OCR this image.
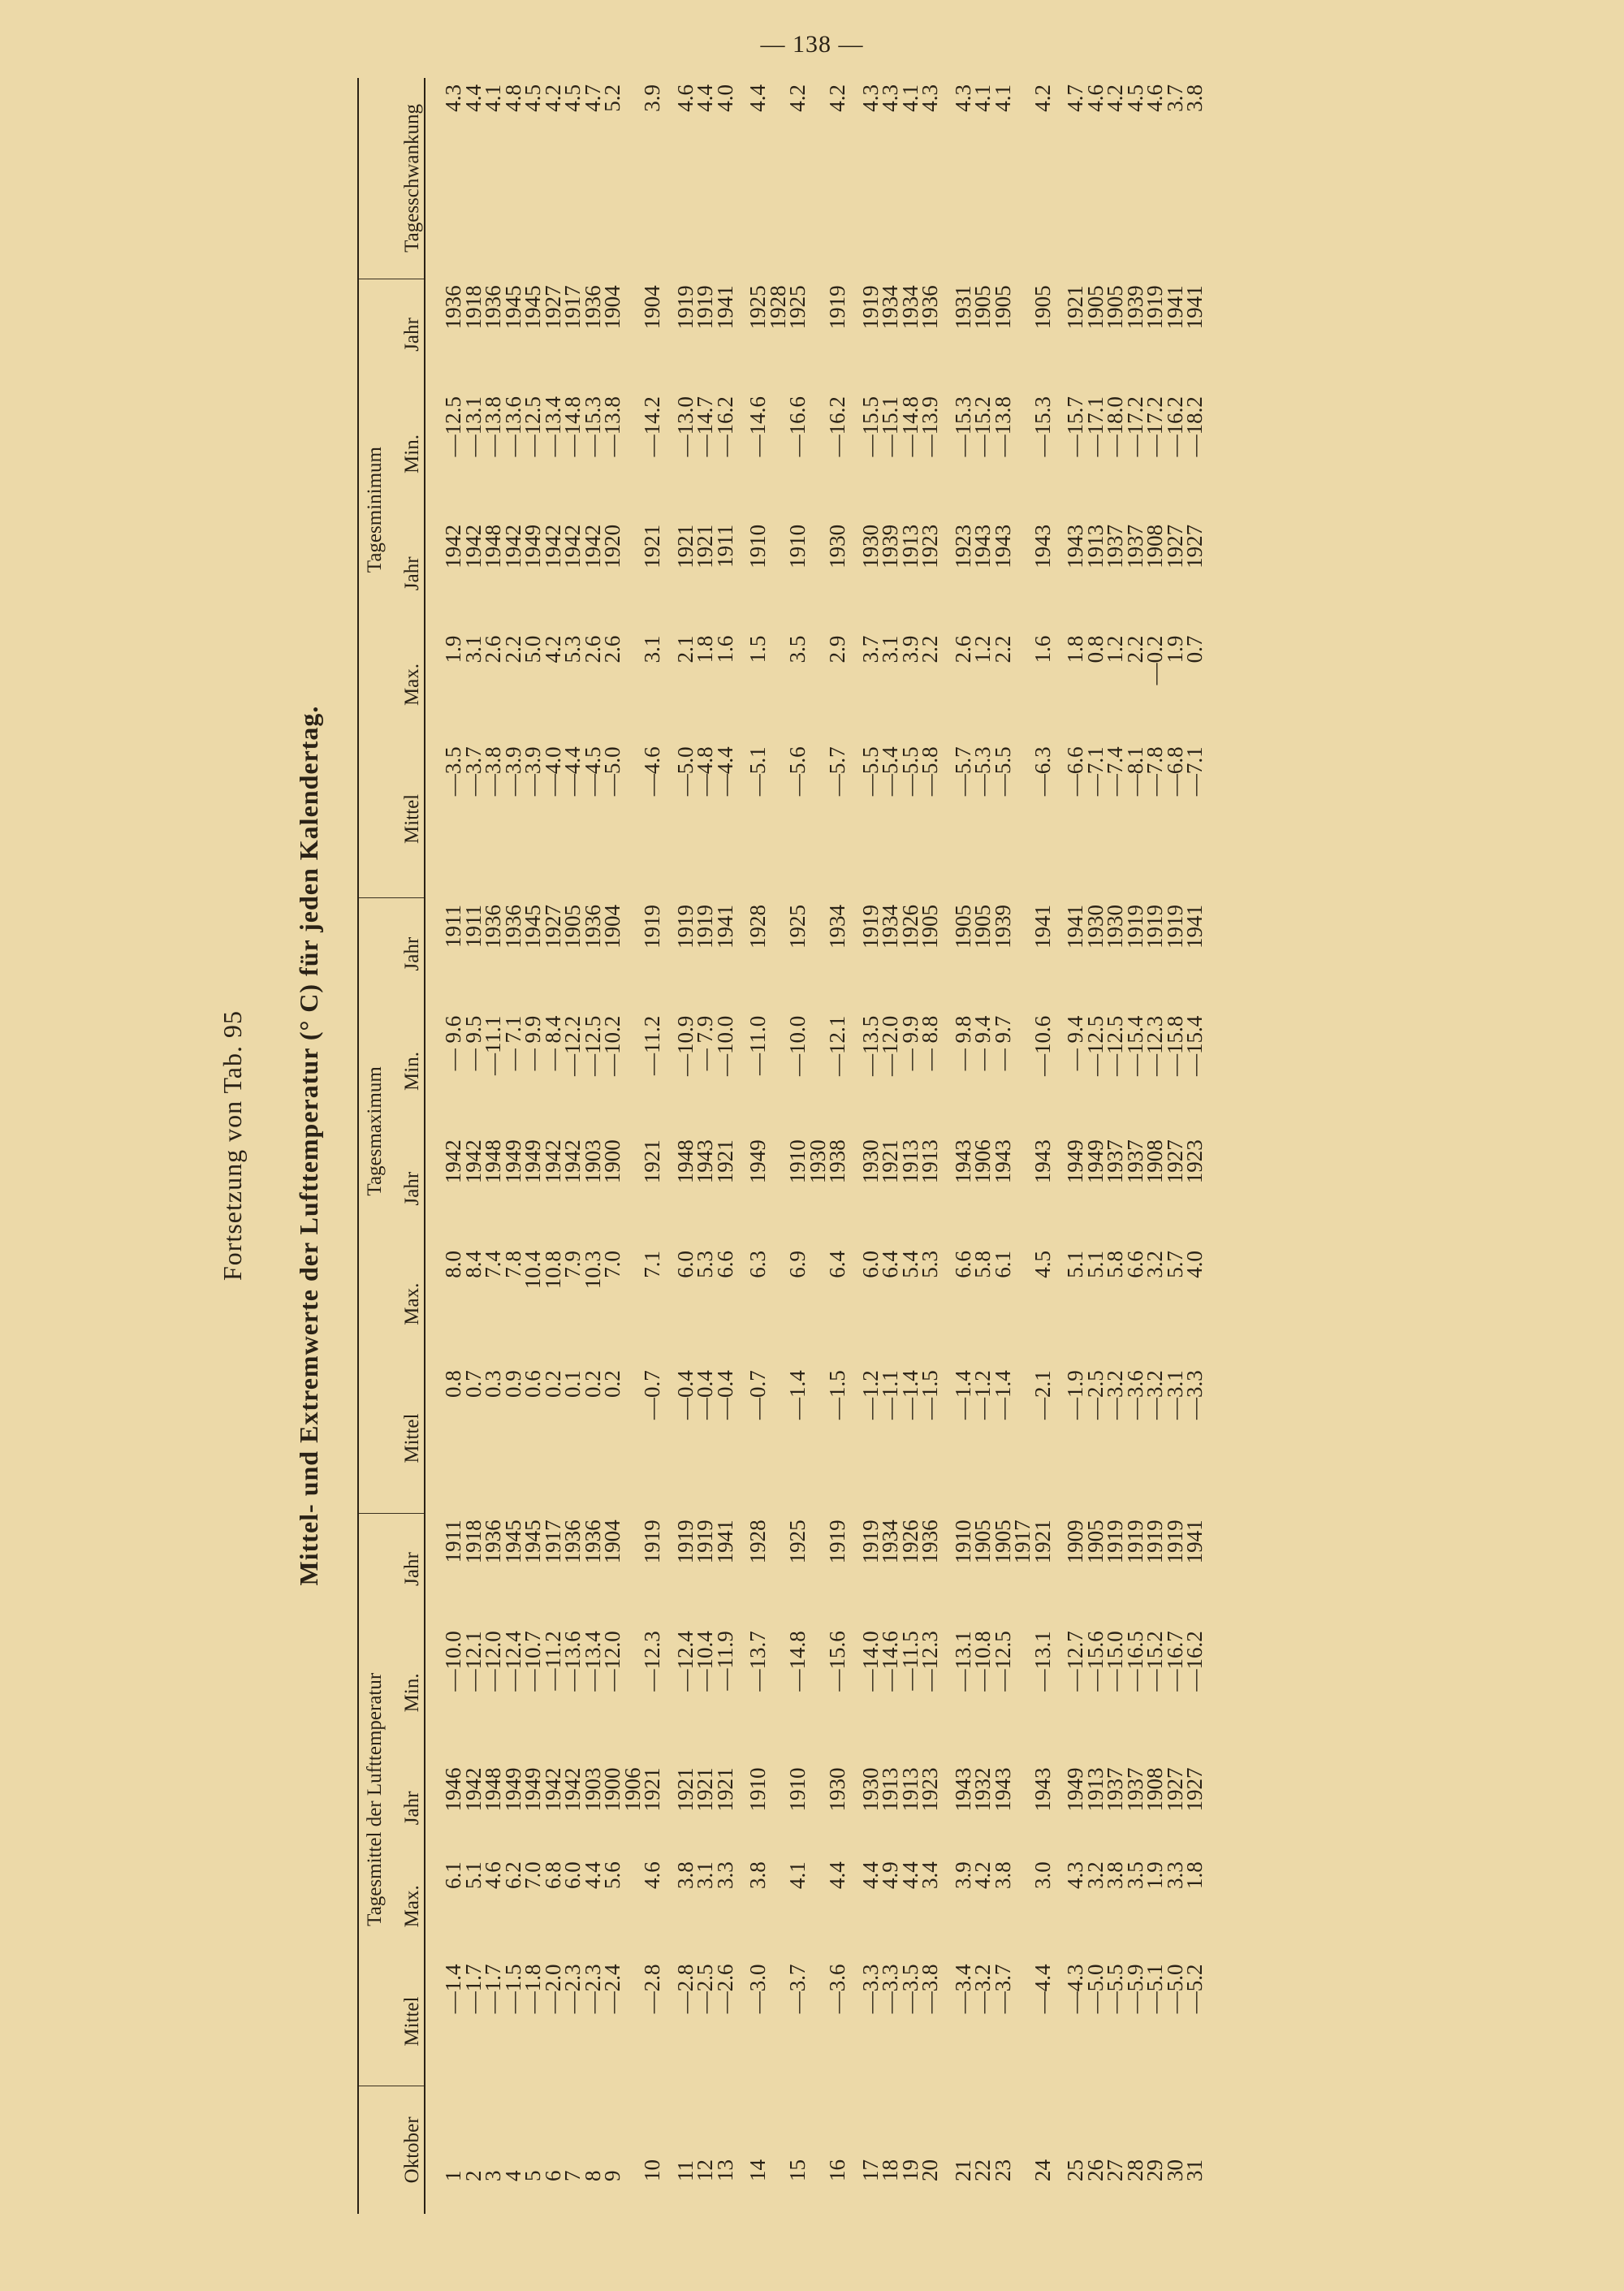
— 138 —
Fortsetzung von Tab. 95 Mittel- und Extremwerte der Lufttemperatur (° C) für jeden Kalendertag.
Oktober	Tagesmittel der Lufttemperatur						Tagesmaximum					Tagesminimum				Tagesschwankung
	Mittel	Max.	Jahr	Min.	Jahr	Mittel	Max.	Jahr	Min.	Jahr	Mittel	Max.	Jahr	Min.	Jahr	
1	—1.4	6.1	1946	—10.0	1911	0.8	8.0	1942	— 9.6	1911	—3.5	1.9	1942	—12.5	1936	4.3
2	—1.7	5.1	1942	—12.1	1918	0.7	8.4	1942	— 9.5	1911	—3.7	3.1	1942	—13.1	1918	4.4
3	—1.7	4.6	1948	—12.0	1936	0.3	7.4	1948	—11.1	1936	—3.8	2.6	1948	—13.8	1936	4.1
4	—1.5	6.2	1949	—12.4	1945	0.9	7.8	1949	— 7.1	1936	—3.9	2.2	1942	—13.6	1945	4.8
5	—1.8	7.0	1949	—10.7	1945	0.6	10.4	1949	— 9.9	1945	—3.9	5.0	1949	—12.5	1945	4.5
6	—2.0	6.8	1942	—11.2	1917	0.2	10.8	1942	— 8.4	1927	—4.0	4.2	1942	—13.4	1927	4.2
7	—2.3	6.0	1942	—13.6	1936	0.1	7.9	1942	—12.2	1905	—4.4	5.3	1942	—14.8	1917	4.5
8	—2.3	4.4	1903	—13.4	1936	0.2	10.3	1903	—12.5	1936	—4.5	2.6	1942	—15.3	1936	4.7
9	—2.4	5.6	1900	—12.0	1904	0.2	7.0	1900	—10.2	1904	—5.0	2.6	1920	—13.8	1904	5.2
			1906													
10	—2.8	4.6	1921	—12.3	1919	—0.7	7.1	1921	—11.2	1919	—4.6	3.1	1921	—14.2	1904	3.9

11	—2.8	3.8	1921	—12.4	1919	—0.4	6.0	1948	—10.9	1919	—5.0	2.1	1921	—13.0	1919	4.6
12	—2.5	3.1	1921	—10.4	1919	—0.4	5.3	1943	— 7.9	1919	—4.8	1.8	1921	—14.7	1919	4.4
13	—2.6	3.3	1921	—11.9	1941	—0.4	6.6	1921	—10.0	1941	—4.4	1.6	1911	—16.2	1941	4.0

14	—3.0	3.8	1910	—13.7	1928	—0.7	6.3	1949	—11.0	1928	—5.1	1.5	1910	—14.6	1925	4.4
															1928	
15	—3.7	4.1	1910	—14.8	1925	—1.4	6.9	1910	—10.0	1925	—5.6	3.5	1910	—16.6	1925	4.2
								1930								
16	—3.6	4.4	1930	—15.6	1919	—1.5	6.4	1938	—12.1	1934	—5.7	2.9	1930	—16.2	1919	4.2

17	—3.3	4.4	1930	—14.0	1919	—1.2	6.0	1930	—13.5	1919	—5.5	3.7	1930	—15.5	1919	4.3
18	—3.3	4.9	1913	—14.6	1934	—1.1	6.4	1921	—12.0	1934	—5.4	3.1	1939	—15.1	1934	4.3
19	—3.5	4.4	1913	—11.5	1926	—1.4	5.4	1913	— 9.9	1926	—5.5	3.9	1913	—14.8	1934	4.1
20	—3.8	3.4	1923	—12.3	1936	—1.5	5.3	1913	— 8.8	1905	—5.8	2.2	1923	—13.9	1936	4.3

21	—3.4	3.9	1943	—13.1	1910	—1.4	6.6	1943	— 9.8	1905	—5.7	2.6	1923	—15.3	1931	4.3
22	—3.2	4.2	1932	—10.8	1905	—1.2	5.8	1906	— 9.4	1905	—5.3	1.2	1943	—15.2	1905	4.1
23	—3.7	3.8	1943	—12.5	1905	—1.4	6.1	1943	— 9.7	1939	—5.5	2.2	1943	—13.8	1905	4.1
					1917											
24	—4.4	3.0	1943	—13.1	1921	—2.1	4.5	1943	—10.6	1941	—6.3	1.6	1943	—15.3	1905	4.2

25	—4.3	4.3	1949	—12.7	1909	—1.9	5.1	1949	— 9.4	1941	—6.6	1.8	1943	—15.7	1921	4.7
26	—5.0	3.2	1913	—15.6	1905	—2.5	5.1	1949	—12.5	1930	—7.1	0.8	1913	—17.1	1905	4.6
27	—5.5	3.8	1937	—15.0	1919	—3.2	5.8	1937	—12.5	1930	—7.4	1.2	1937	—18.0	1905	4.2
28	—5.9	3.5	1937	—16.5	1919	—3.6	6.6	1937	—15.4	1919	—8.1	2.2	1937	—17.2	1939	4.5
29	—5.1	1.9	1908	—15.2	1919	—3.2	3.2	1908	—12.3	1919	—7.8	—0.2	1908	—17.2	1919	4.6
30	—5.0	3.3	1927	—16.7	1919	—3.1	5.7	1927	—15.8	1919	—6.8	1.9	1927	—16.2	1941	3.7
31	—5.2	1.8	1927	—16.2	1941	—3.3	4.0	1923	—15.4	1941	—7.1	0.7	1927	—18.2	1941	3.8
